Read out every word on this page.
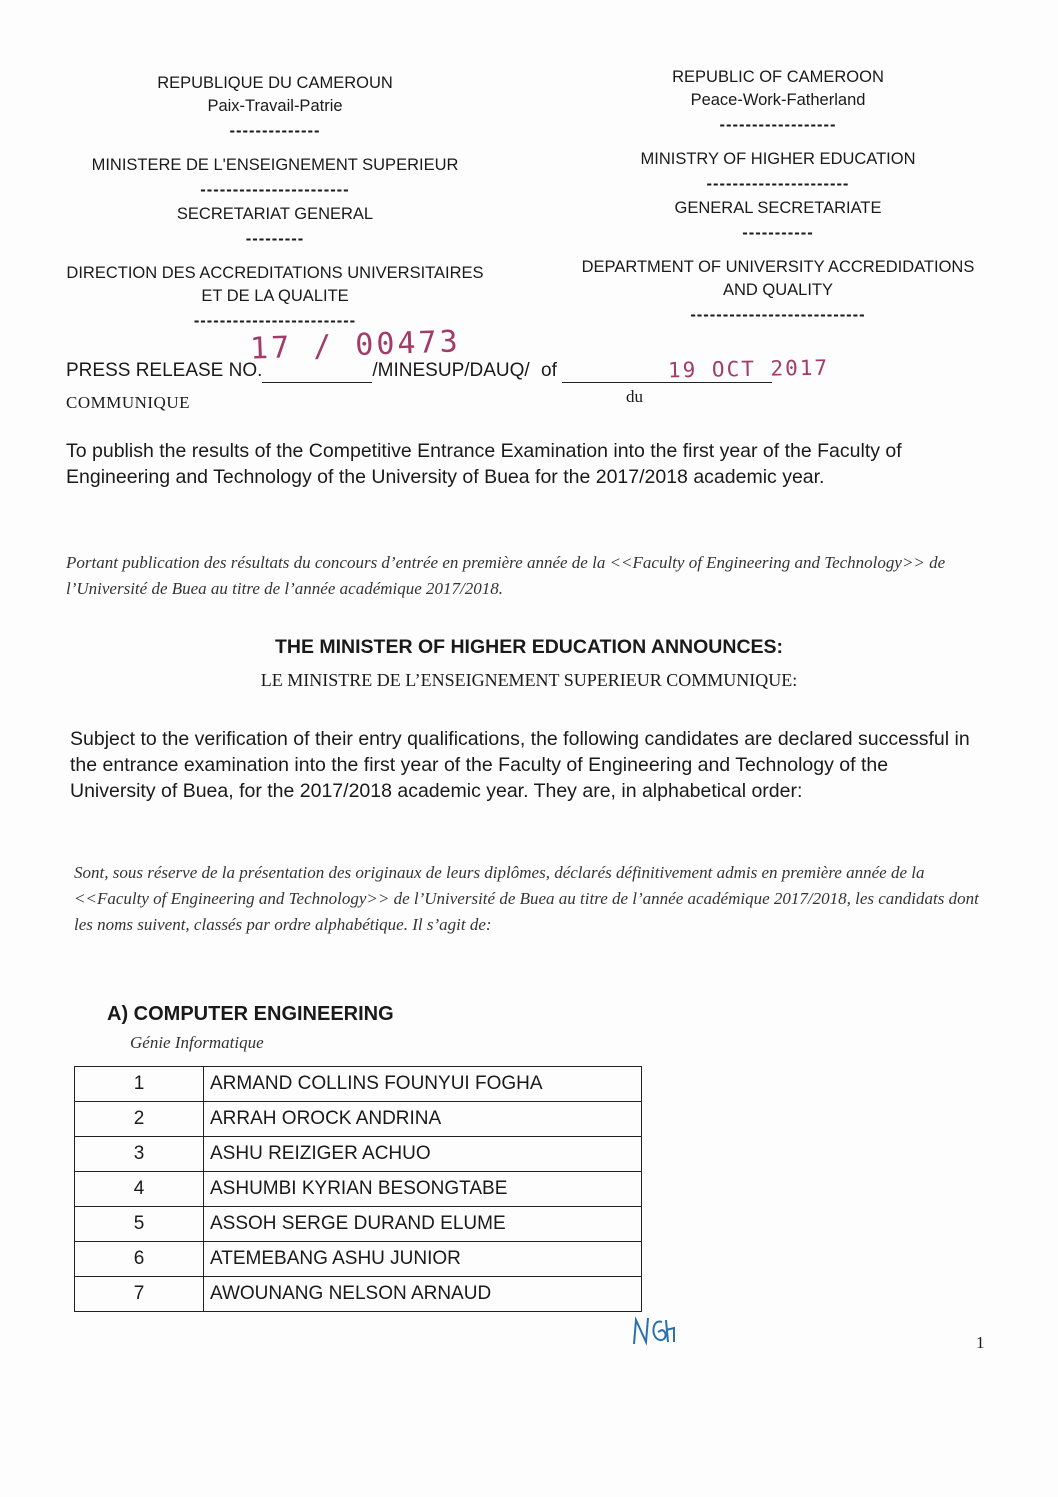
REPUBLIQUE DU CAMEROUN
Paix-Travail-Patrie
--------------
MINISTERE DE L'ENSEIGNEMENT SUPERIEUR
-----------------------
SECRETARIAT GENERAL
---------
DIRECTION DES ACCREDITATIONS UNIVERSITAIRES
ET DE LA QUALITE
-------------------------
REPUBLIC OF CAMEROON
Peace-Work-Fatherland
------------------
MINISTRY OF HIGHER EDUCATION
----------------------
GENERAL SECRETARIATE
-----------
DEPARTMENT OF UNIVERSITY ACCREDIDATIONS
AND QUALITY
---------------------------
PRESS RELEASE NO.	/MINESUP/DAUQ/ of
COMMUNIQUE	du
17 / 00473
19 OCT 2017
To publish the results of the Competitive Entrance Examination into the first year of the Faculty of Engineering and Technology of the University of Buea for the 2017/2018 academic year.
Portant publication des résultats du concours d’entrée en première année de la <<Faculty of Engineering and Technology>> de l’Université de Buea au titre de l’année académique 2017/2018.
THE MINISTER OF HIGHER EDUCATION ANNOUNCES:
LE MINISTRE DE L’ENSEIGNEMENT SUPERIEUR COMMUNIQUE:
Subject to the verification of their entry qualifications, the following candidates are declared successful in the entrance examination into the first year of the Faculty of Engineering and Technology of the University of Buea, for the 2017/2018 academic year. They are, in alphabetical order:
Sont, sous réserve de la présentation des originaux de leurs diplômes, déclarés définitivement admis en première année de la <<Faculty of Engineering and Technology>> de l’Université de Buea au titre de l’année académique 2017/2018, les candidats dont les noms suivent, classés par ordre alphabétique. Il s’agit de:
A) COMPUTER ENGINEERING
Génie Informatique
1	ARMAND COLLINS FOUNYUI FOGHA
2	ARRAH OROCK ANDRINA
3	ASHU REIZIGER ACHUO
4	ASHUMBI KYRIAN BESONGTABE
5	ASSOH SERGE DURAND ELUME
6	ATEMEBANG ASHU JUNIOR
7	AWOUNANG NELSON ARNAUD
1
